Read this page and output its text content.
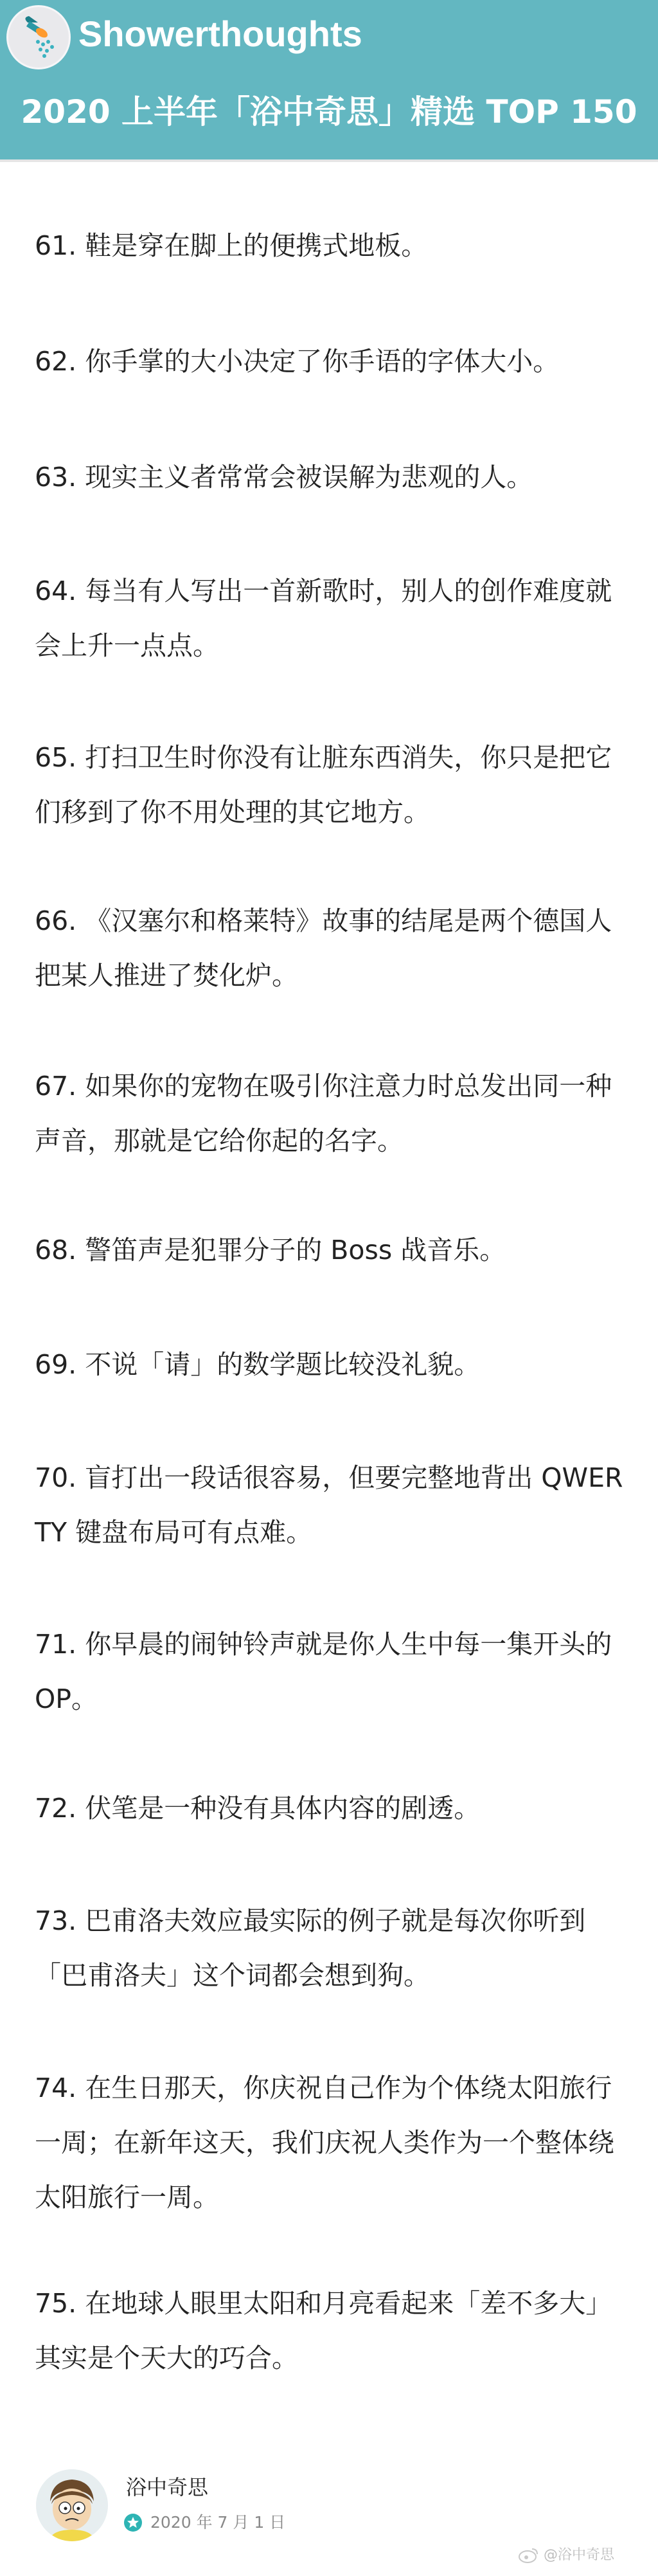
Showerthoughts
2020 上半年「浴中奇思」精选 TOP 150

61. 鞋是穿在脚上的便携式地板。

62. 你手掌的大小决定了你手语的字体大小。

63. 现实主义者常常会被误解为悲观的人。

64. 每当有人写出一首新歌时，别人的创作难度就会上升一点点。

65. 打扫卫生时你没有让脏东西消失，你只是把它们移到了你不用处理的其它地方。

66. 《汉塞尔和格莱特》故事的结尾是两个德国人把某人推进了焚化炉。

67. 如果你的宠物在吸引你注意力时总发出同一种声音，那就是它给你起的名字。

68. 警笛声是犯罪分子的 Boss 战音乐。

69. 不说「请」的数学题比较没礼貌。

70. 盲打出一段话很容易，但要完整地背出 QWERTY 键盘布局可有点难。

71. 你早晨的闹钟铃声就是你人生中每一集开头的 OP。

72. 伏笔是一种没有具体内容的剧透。

73. 巴甫洛夫效应最实际的例子就是每次你听到「巴甫洛夫」这个词都会想到狗。

74. 在生日那天，你庆祝自己作为个体绕太阳旅行一周；在新年这天，我们庆祝人类作为一个整体绕太阳旅行一周。

75. 在地球人眼里太阳和月亮看起来「差不多大」其实是个天大的巧合。

浴中奇思
2020 年 7 月 1 日
@浴中奇思
